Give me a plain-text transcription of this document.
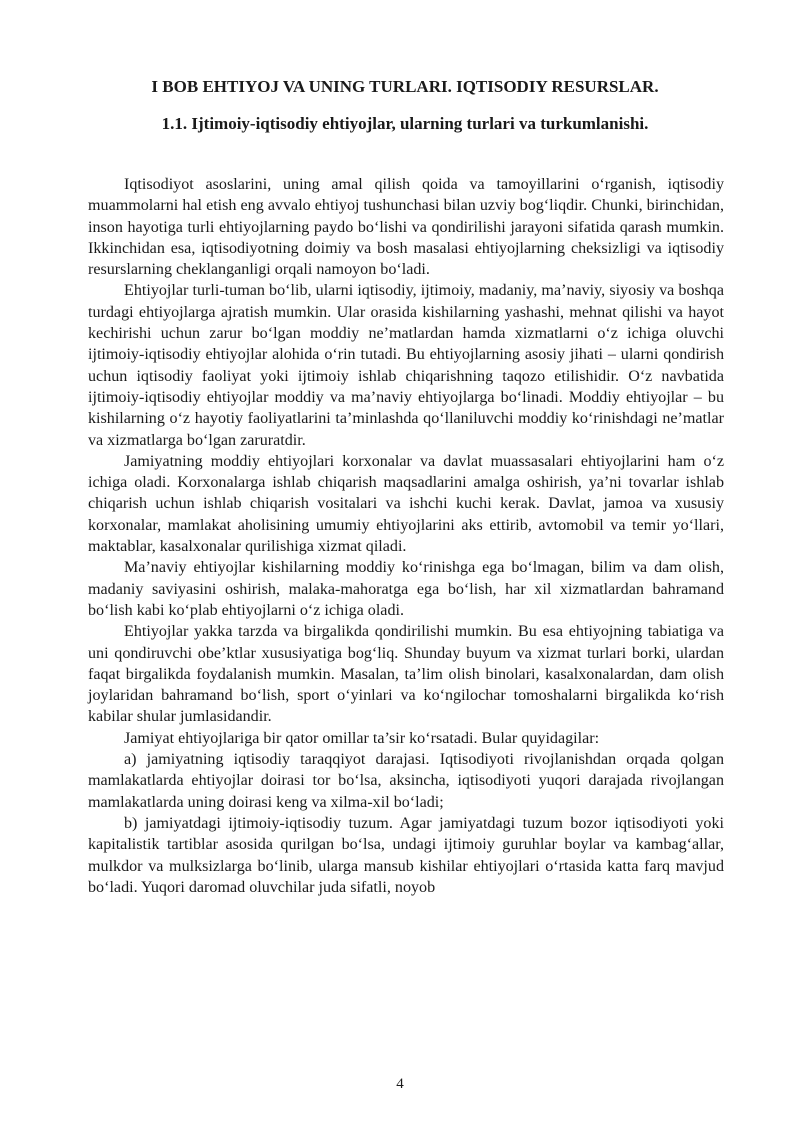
I BOB EHTIYOJ VA UNING TURLARI. IQTISODIY RESURSLAR.
1.1. Ijtimoiy-iqtisodiy ehtiyojlar, ularning turlari va turkumlanishi.

Iqtisodiyot asoslarini, uning amal qilish qoida va tamoyillarini o‘rganish, iqtisodiy muammolarni hal etish eng avvalo ehtiyoj tushunchasi bilan uzviy bog‘liqdir. Chunki, birinchidan, inson hayotiga turli ehtiyojlarning paydo bo‘lishi va qondirilishi jarayoni sifatida qarash mumkin. Ikkinchidan esa, iqtisodiyotning doimiy va bosh masalasi ehtiyojlarning cheksizligi va iqtisodiy resurslarning cheklanganligi orqali namoyon bo‘ladi.

Ehtiyojlar turli-tuman bo‘lib, ularni iqtisodiy, ijtimoiy, madaniy, ma’naviy, siyosiy va boshqa turdagi ehtiyojlarga ajratish mumkin. Ular orasida kishilarning yashashi, mehnat qilishi va hayot kechirishi uchun zarur bo‘lgan moddiy ne’matlardan hamda xizmatlarni o‘z ichiga oluvchi ijtimoiy-iqtisodiy ehtiyojlar alohida o‘rin tutadi. Bu ehtiyojlarning asosiy jihati – ularni qondirish uchun iqtisodiy faoliyat yoki ijtimoiy ishlab chiqarishning taqozo etilishidir. O‘z navbatida ijtimoiy-iqtisodiy ehtiyojlar moddiy va ma’naviy ehtiyojlarga bo‘linadi. Moddiy ehtiyojlar – bu kishilarning o‘z hayotiy faoliyatlarini ta’minlashda qo‘llaniluvchi moddiy ko‘rinishdagi ne’matlar va xizmatlarga bo‘lgan zaruratdir.

Jamiyatning moddiy ehtiyojlari korxonalar va davlat muassasalari ehtiyojlarini ham o‘z ichiga oladi. Korxonalarga ishlab chiqarish maqsadlarini amalga oshirish, ya’ni tovarlar ishlab chiqarish uchun ishlab chiqarish vositalari va ishchi kuchi kerak. Davlat, jamoa va xususiy korxonalar, mamlakat aholisining umumiy ehtiyojlarini aks ettirib, avtomobil va temir yo‘llari, maktablar, kasalxonalar qurilishiga xizmat qiladi.

Ma’naviy ehtiyojlar kishilarning moddiy ko‘rinishga ega bo‘lmagan, bilim va dam olish, madaniy saviyasini oshirish, malaka-mahoratga ega bo‘lish, har xil xizmatlardan bahramand bo‘lish kabi ko‘plab ehtiyojlarni o‘z ichiga oladi.

Ehtiyojlar yakka tarzda va birgalikda qondirilishi mumkin. Bu esa ehtiyojning tabiatiga va uni qondiruvchi obe’ktlar xususiyatiga bog‘liq. Shunday buyum va xizmat turlari borki, ulardan faqat birgalikda foydalanish mumkin. Masalan, ta’lim olish binolari, kasalxonalardan, dam olish joylaridan bahramand bo‘lish, sport o‘yinlari va ko‘ngilochar tomoshalarni birgalikda ko‘rish kabilar shular jumlasidandir.

Jamiyat ehtiyojlariga bir qator omillar ta’sir ko‘rsatadi. Bular quyidagilar:

a) jamiyatning iqtisodiy taraqqiyot darajasi. Iqtisodiyoti rivojlanishdan orqada qolgan mamlakatlarda ehtiyojlar doirasi tor bo‘lsa, aksincha, iqtisodiyoti yuqori darajada rivojlangan mamlakatlarda uning doirasi keng va xilma-xil bo‘ladi;

b) jamiyatdagi ijtimoiy-iqtisodiy tuzum. Agar jamiyatdagi tuzum bozor iqtisodiyoti yoki kapitalistik tartiblar asosida qurilgan bo‘lsa, undagi ijtimoiy guruhlar boylar va kambag‘allar, mulkdor va mulksizlarga bo‘linib, ularga mansub kishilar ehtiyojlari o‘rtasida katta farq mavjud bo‘ladi. Yuqori daromad oluvchilar juda sifatli, noyob

4
